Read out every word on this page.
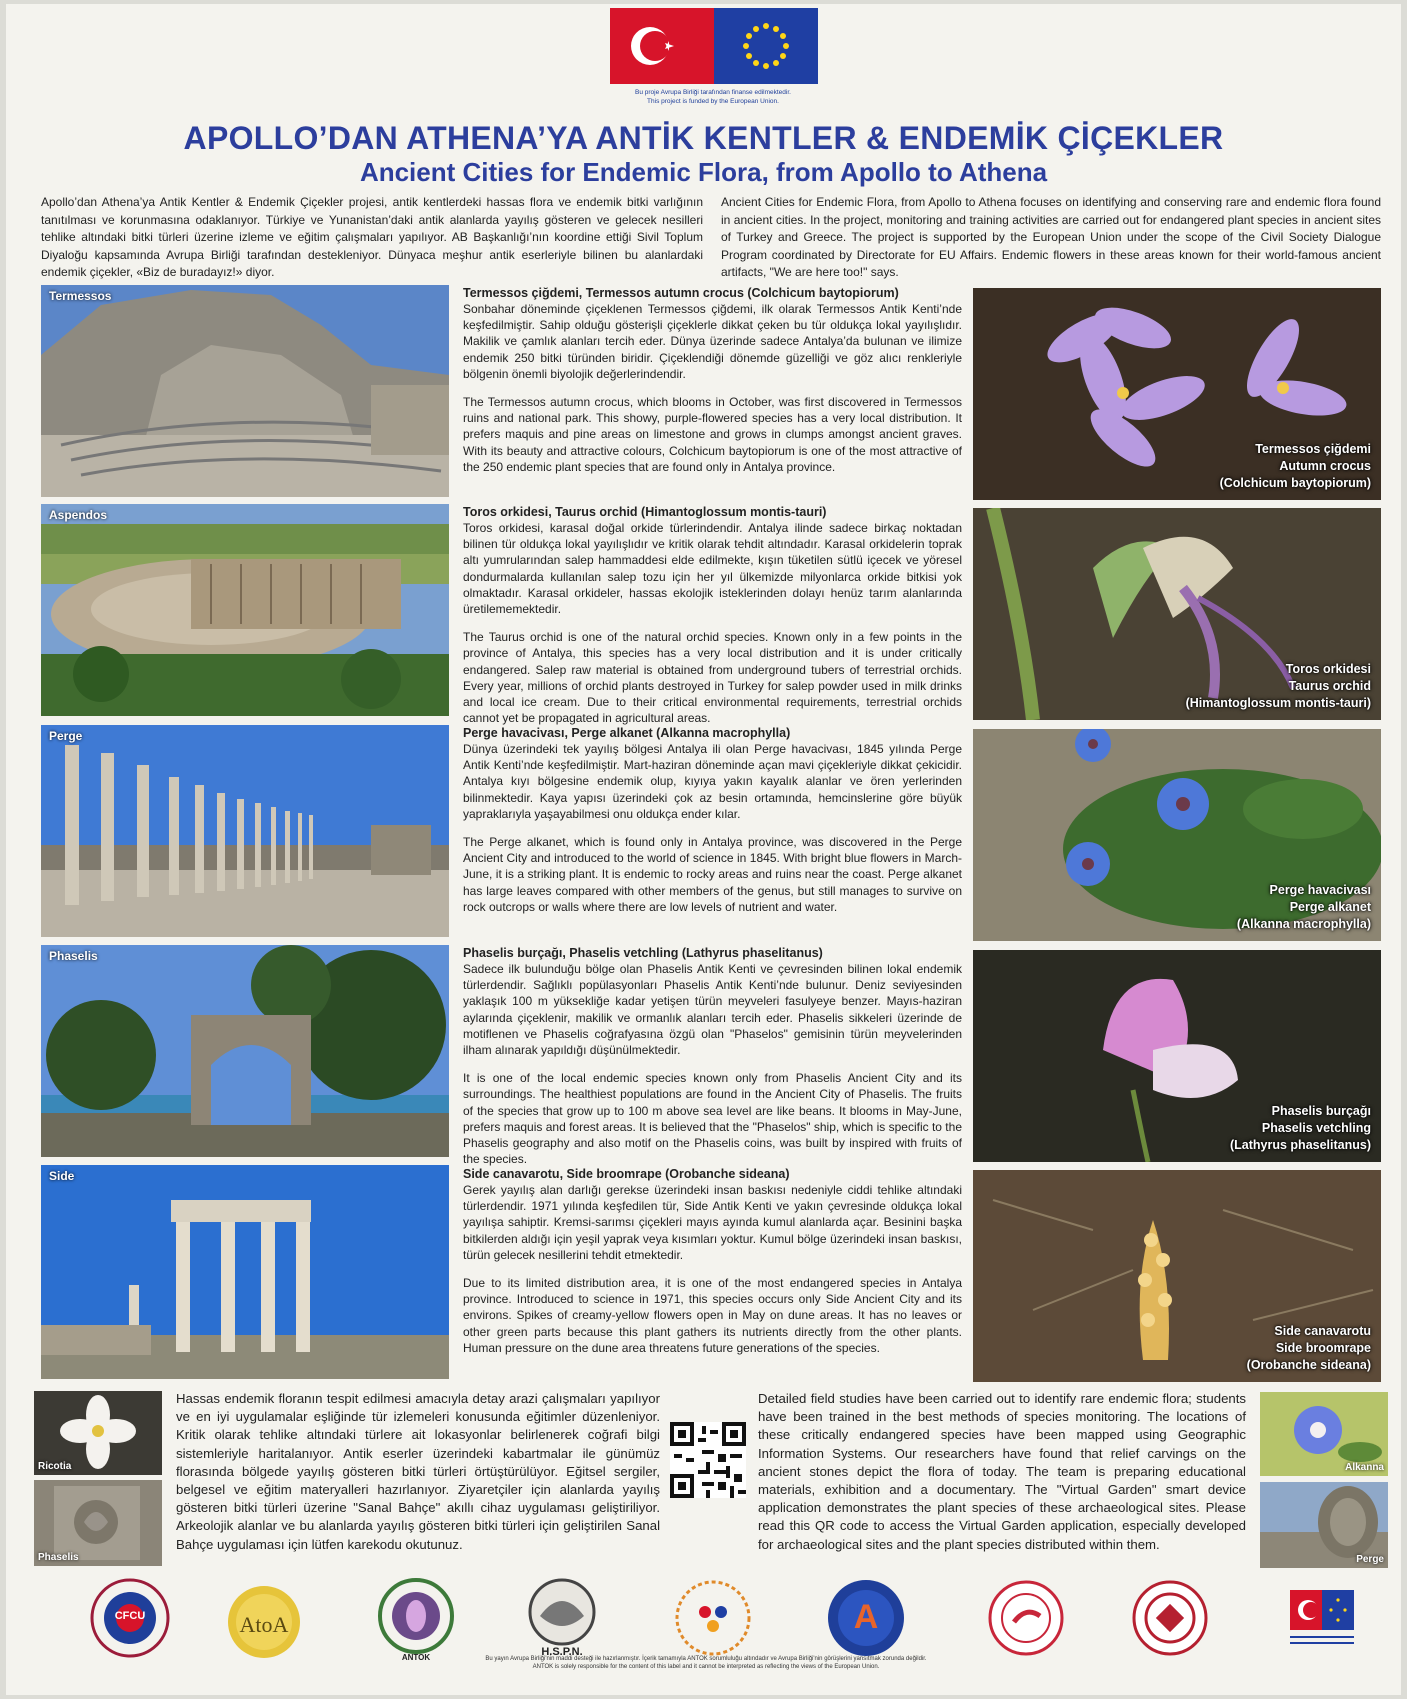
Bu proje Avrupa Birliği tarafından finanse edilmektedir.
This project is funded by the European Union.
APOLLO’DAN ATHENA’YA ANTİK KENTLER & ENDEMİK ÇİÇEKLER
Ancient Cities for Endemic Flora, from Apollo to Athena
Apollo’dan Athena’ya Antik Kentler & Endemik Çiçekler projesi, antik kentlerdeki hassas flora ve endemik bitki varlığının tanıtılması ve korunmasına odaklanıyor. Türkiye ve Yunanistan’daki antik alanlarda yayılış gösteren ve gelecek nesilleri tehlike altındaki bitki türleri üzerine izleme ve eğitim çalışmaları yapılıyor. AB Başkanlığı’nın koordine ettiği Sivil Toplum Diyaloğu kapsamında Avrupa Birliği tarafından destekleniyor. Dünyaca meşhur antik eserleriyle bilinen bu alanlardaki endemik çiçekler, «Biz de buradayız!» diyor.
Ancient Cities for Endemic Flora, from Apollo to Athena focuses on identifying and conserving rare and endemic flora found in ancient cities. In the project, monitoring and training activities are carried out for endangered plant species in ancient sites of Turkey and Greece. The project is supported by the European Union under the scope of the Civil Society Dialogue Program coordinated by Directorate for EU Affairs. Endemic flowers in these areas known for their world-famous ancient artifacts, "We are here too!" says.
Termessos
Aspendos
Perge
Phaselis
Side
Termessos çiğdemi, Termessos autumn crocus (Colchicum baytopiorum)

Sonbahar döneminde çiçeklenen Termessos çiğdemi, ilk olarak Termessos Antik Kenti’nde keşfedilmiştir. Sahip olduğu gösterişli çiçeklerle dikkat çeken bu tür oldukça lokal yayılışlıdır. Makilik ve çamlık alanları tercih eder. Dünya üzerinde sadece Antalya’da bulunan ve ilimize endemik 250 bitki türünden biridir. Çiçeklendiği dönemde güzelliği ve göz alıcı renkleriyle bölgenin önemli biyolojik değerlerindendir.

The Termessos autumn crocus, which blooms in October, was first discovered in Termessos ruins and national park. This showy, purple-flowered species has a very local distribution. It prefers maquis and pine areas on limestone and grows in clumps amongst ancient graves. With its beauty and attractive colours, Colchicum baytopiorum is one of the most attractive of the 250 endemic plant species that are found only in Antalya province.

Toros orkidesi, Taurus orchid (Himantoglossum montis-tauri)

Toros orkidesi, karasal doğal orkide türlerindendir. Antalya ilinde sadece birkaç noktadan bilinen tür oldukça lokal yayılışlıdır ve kritik olarak tehdit altındadır. Karasal orkidelerin toprak altı yumrularından salep hammaddesi elde edilmekte, kışın tüketilen sütlü içecek ve yöresel dondurmalarda kullanılan salep tozu için her yıl ülkemizde milyonlarca orkide bitkisi yok olmaktadır. Karasal orkideler, hassas ekolojik isteklerinden dolayı henüz tarım alanlarında üretilememektedir.

The Taurus orchid is one of the natural orchid species. Known only in a few points in the province of Antalya, this species has a very local distribution and it is under critically endangered. Salep raw material is obtained from underground tubers of terrestrial orchids. Every year, millions of orchid plants destroyed in Turkey for salep powder used in milk drinks and local ice cream. Due to their critical environmental requirements, terrestrial orchids cannot yet be propagated in agricultural areas.

Perge havacivası, Perge alkanet (Alkanna macrophylla)

Dünya üzerindeki tek yayılış bölgesi Antalya ili olan Perge havacivası, 1845 yılında Perge Antik Kenti’nde keşfedilmiştir. Mart-haziran döneminde açan mavi çiçekleriyle dikkat çekicidir. Antalya kıyı bölgesine endemik olup, kıyıya yakın kayalık alanlar ve ören yerlerinden bilinmektedir. Kaya yapısı üzerindeki çok az besin ortamında, hemcinslerine göre büyük yapraklarıyla yaşayabilmesi onu oldukça ender kılar.

The Perge alkanet, which is found only in Antalya province, was discovered in the Perge Ancient City and introduced to the world of science in 1845. With bright blue flowers in March-June, it is a striking plant. It is endemic to rocky areas and ruins near the coast. Perge alkanet has large leaves compared with other members of the genus, but still manages to survive on rock outcrops or walls where there are low levels of nutrient and water.

Phaselis burçağı, Phaselis vetchling (Lathyrus phaselitanus)

Sadece ilk bulunduğu bölge olan Phaselis Antik Kenti ve çevresinden bilinen lokal endemik türlerdendir. Sağlıklı popülasyonları Phaselis Antik Kenti’nde bulunur. Deniz seviyesinden yaklaşık 100 m yüksekliğe kadar yetişen türün meyveleri fasulyeye benzer. Mayıs-haziran aylarında çiçeklenir, makilik ve ormanlık alanları tercih eder. Phaselis sikkeleri üzerinde de motiflenen ve Phaselis coğrafyasına özgü olan "Phaselos" gemisinin türün meyvelerinden ilham alınarak yapıldığı düşünülmektedir.

It is one of the local endemic species known only from Phaselis Ancient City and its surroundings. The healthiest populations are found in the Ancient City of Phaselis. The fruits of the species that grow up to 100 m above sea level are like beans. It blooms in May-June, prefers maquis and forest areas. It is believed that the "Phaselos" ship, which is specific to the Phaselis geography and also motif on the Phaselis coins, was built by inspired with fruits of the species.

Side canavarotu, Side broomrape (Orobanche sideana)

Gerek yayılış alan darlığı gerekse üzerindeki insan baskısı nedeniyle ciddi tehlike altındaki türlerdendir. 1971 yılında keşfedilen tür, Side Antik Kenti ve yakın çevresinde oldukça lokal yayılışa sahiptir. Kremsi-sarımsı çiçekleri mayıs ayında kumul alanlarda açar. Besinini başka bitkilerden aldığı için yeşil yaprak veya kısımları yoktur. Kumul bölge üzerindeki insan baskısı, türün gelecek nesillerini tehdit etmektedir.

Due to its limited distribution area, it is one of the most endangered species in Antalya province. Introduced to science in 1971, this species occurs only Side Ancient City and its environs. Spikes of creamy-yellow flowers open in May on dune areas. It has no leaves or other green parts because this plant gathers its nutrients directly from the other plants. Human pressure on the dune area threatens future generations of the species.

Termessos çiğdemi
Autumn crocus
(Colchicum baytopiorum)
Toros orkidesi
Taurus orchid
(Himantoglossum montis-tauri)
Perge havacivası
Perge alkanet
(Alkanna macrophylla)
Phaselis burçağı
Phaselis vetchling
(Lathyrus phaselitanus)
Side canavarotu
Side broomrape
(Orobanche sideana)
Ricotia
Phaselis
Alkanna
Perge
Hassas endemik floranın tespit edilmesi amacıyla detay arazi çalışmaları yapılıyor ve en iyi uygulamalar eşliğinde tür izlemeleri konusunda eğitimler düzenleniyor. Kritik olarak tehlike altındaki türlere ait lokasyonlar belirlenerek coğrafi bilgi sistemleriyle haritalanıyor. Antik eserler üzerindeki kabartmalar ile günümüz florasında bölgede yayılış gösteren bitki türleri örtüştürülüyor. Eğitsel sergiler, belgesel ve eğitim materyalleri hazırlanıyor. Ziyaretçiler için alanlarda yayılış gösteren bitki türleri üzerine "Sanal Bahçe" akıllı cihaz uygulaması geliştiriliyor. Arkeolojik alanlar ve bu alanlarda yayılış gösteren bitki türleri için geliştirilen Sanal Bahçe uygulaması için lütfen karekodu okutunuz.
Detailed field studies have been carried out to identify rare endemic flora; students have been trained in the best methods of species monitoring. The locations of these critically endangered species have been mapped using Geographic Information Systems. Our researchers have found that relief carvings on the ancient stones depict the flora of today. The team is preparing educational materials, exhibition and a documentary. The "Virtual Garden" smart device application demonstrates the plant species of these archaeological sites. Please read this QR code to access the Virtual Garden application, especially developed for archaeological sites and the plant species distributed within them.
CFCU	AtoA
ANTOK	H.S.P.N.
A
Bu yayın Avrupa Birliği'nin maddi desteği ile hazırlanmıştır. İçerik tamamıyla ANTOK sorumluluğu altındadır ve Avrupa Birliği'nin görüşlerini yansıtmak zorunda değildir.
ANTOK is solely responsible for the content of this label and it cannot be interpreted as reflecting the views of the European Union.
